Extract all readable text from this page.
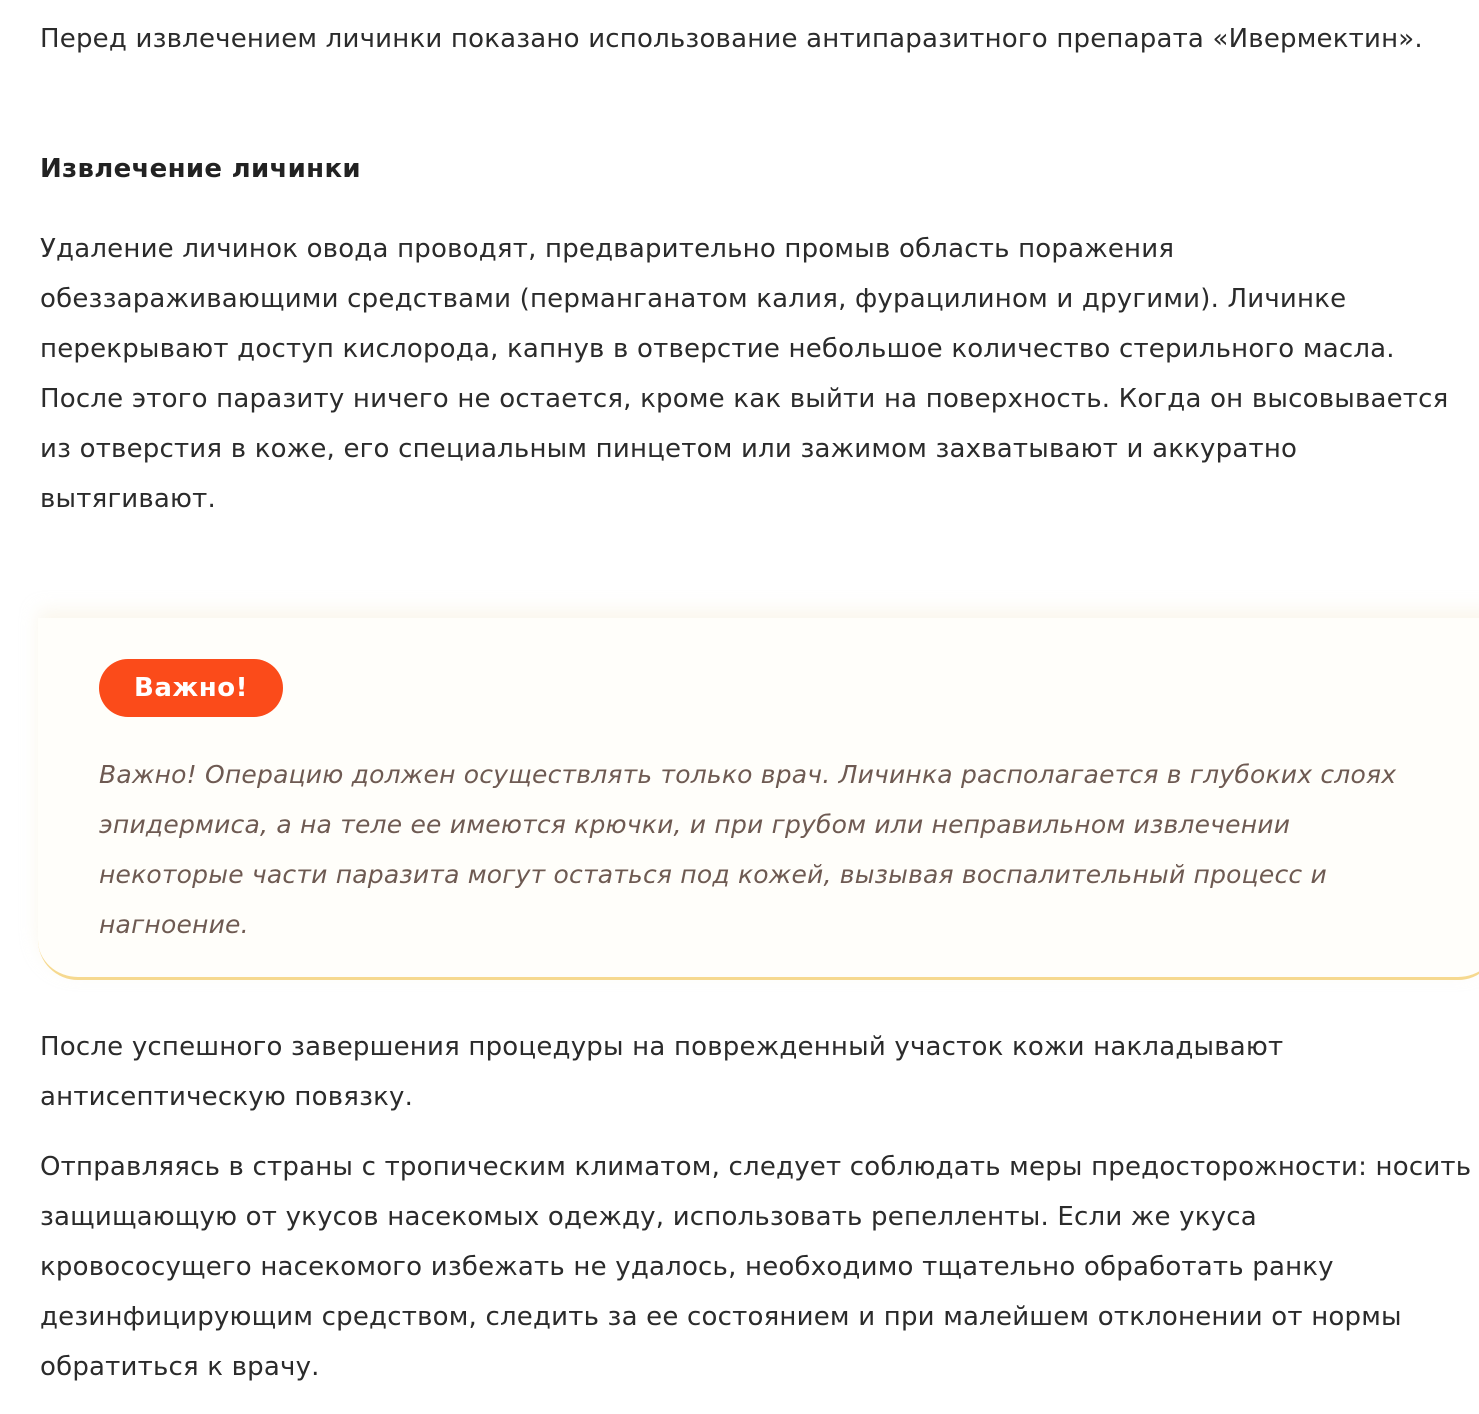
Перед извлечением личинки показано использование антипаразитного препарата «Ивермектин».

Извлечение личинки

Удаление личинок овода проводят, предварительно промыв область поражения обеззараживающими средствами (перманганатом калия, фурацилином и другими). Личинке перекрывают доступ кислорода, капнув в отверстие небольшое количество стерильного масла. После этого паразиту ничего не остается, кроме как выйти на поверхность. Когда он высовывается из отверстия в коже, его специальным пинцетом или зажимом захватывают и аккуратно вытягивают.

Важно!

Важно! Операцию должен осуществлять только врач. Личинка располагается в глубоких слоях эпидермиса, а на теле ее имеются крючки, и при грубом или неправильном извлечении некоторые части паразита могут остаться под кожей, вызывая воспалительный процесс и нагноение.

После успешного завершения процедуры на поврежденный участок кожи накладывают антисептическую повязку.

Отправляясь в страны с тропическим климатом, следует соблюдать меры предосторожности: носить защищающую от укусов насекомых одежду, использовать репелленты. Если же укуса кровососущего насекомого избежать не удалось, необходимо тщательно обработать ранку дезинфицирующим средством, следить за ее состоянием и при малейшем отклонении от нормы обратиться к врачу.
